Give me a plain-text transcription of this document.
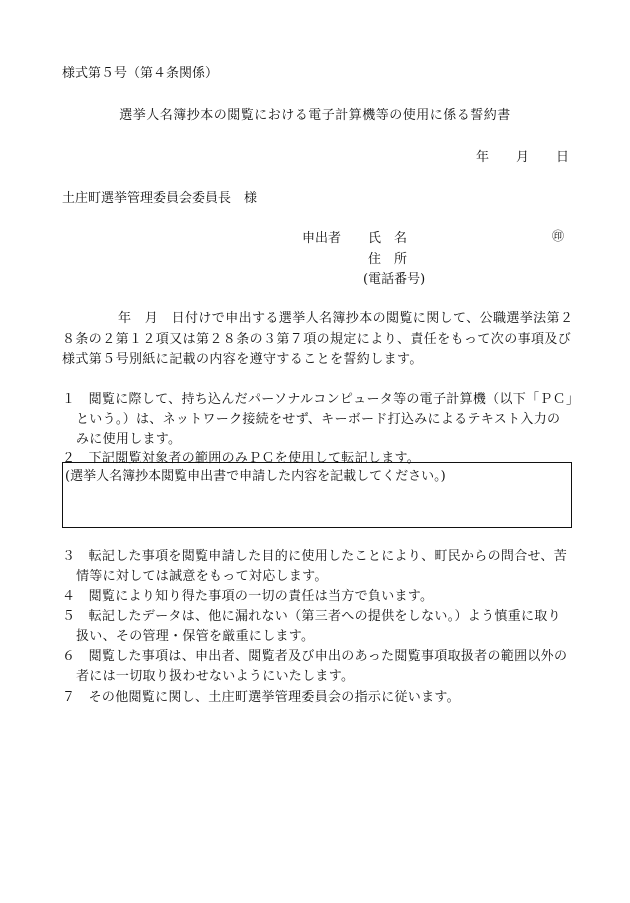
様式第５号（第４条関係）
選挙人名簿抄本の閲覧における電子計算機等の使用に係る誓約書
年 月 日
土庄町選挙管理委員会委員長　様
申出者 氏　名	㊞
住　所
(電話番号)
年　月　日付けで申出する選挙人名簿抄本の閲覧に関して、公職選挙法第２
８条の２第１２項又は第２８条の３第７項の規定により、責任をもって次の事項及び
様式第５号別紙に記載の内容を遵守することを誓約します。
１　閲覧に際して、持ち込んだパーソナルコンピュータ等の電子計算機（以下「ＰＣ」
という。）は、ネットワーク接続をせず、キーボード打込みによるテキスト入力の
みに使用します。
２　下記閲覧対象者の範囲のみＰＣを使用して転記します。
(選挙人名簿抄本閲覧申出書で申請した内容を記載してください。)
３　転記した事項を閲覧申請した目的に使用したことにより、町民からの問合せ、苦
情等に対しては誠意をもって対応します。
４　閲覧により知り得た事項の一切の責任は当方で負います。
５　転記したデータは、他に漏れない（第三者への提供をしない。）よう慎重に取り
扱い、その管理・保管を厳重にします。
６　閲覧した事項は、申出者、閲覧者及び申出のあった閲覧事項取扱者の範囲以外の
者には一切取り扱わせないようにいたします。
７　その他閲覧に関し、土庄町選挙管理委員会の指示に従います。
